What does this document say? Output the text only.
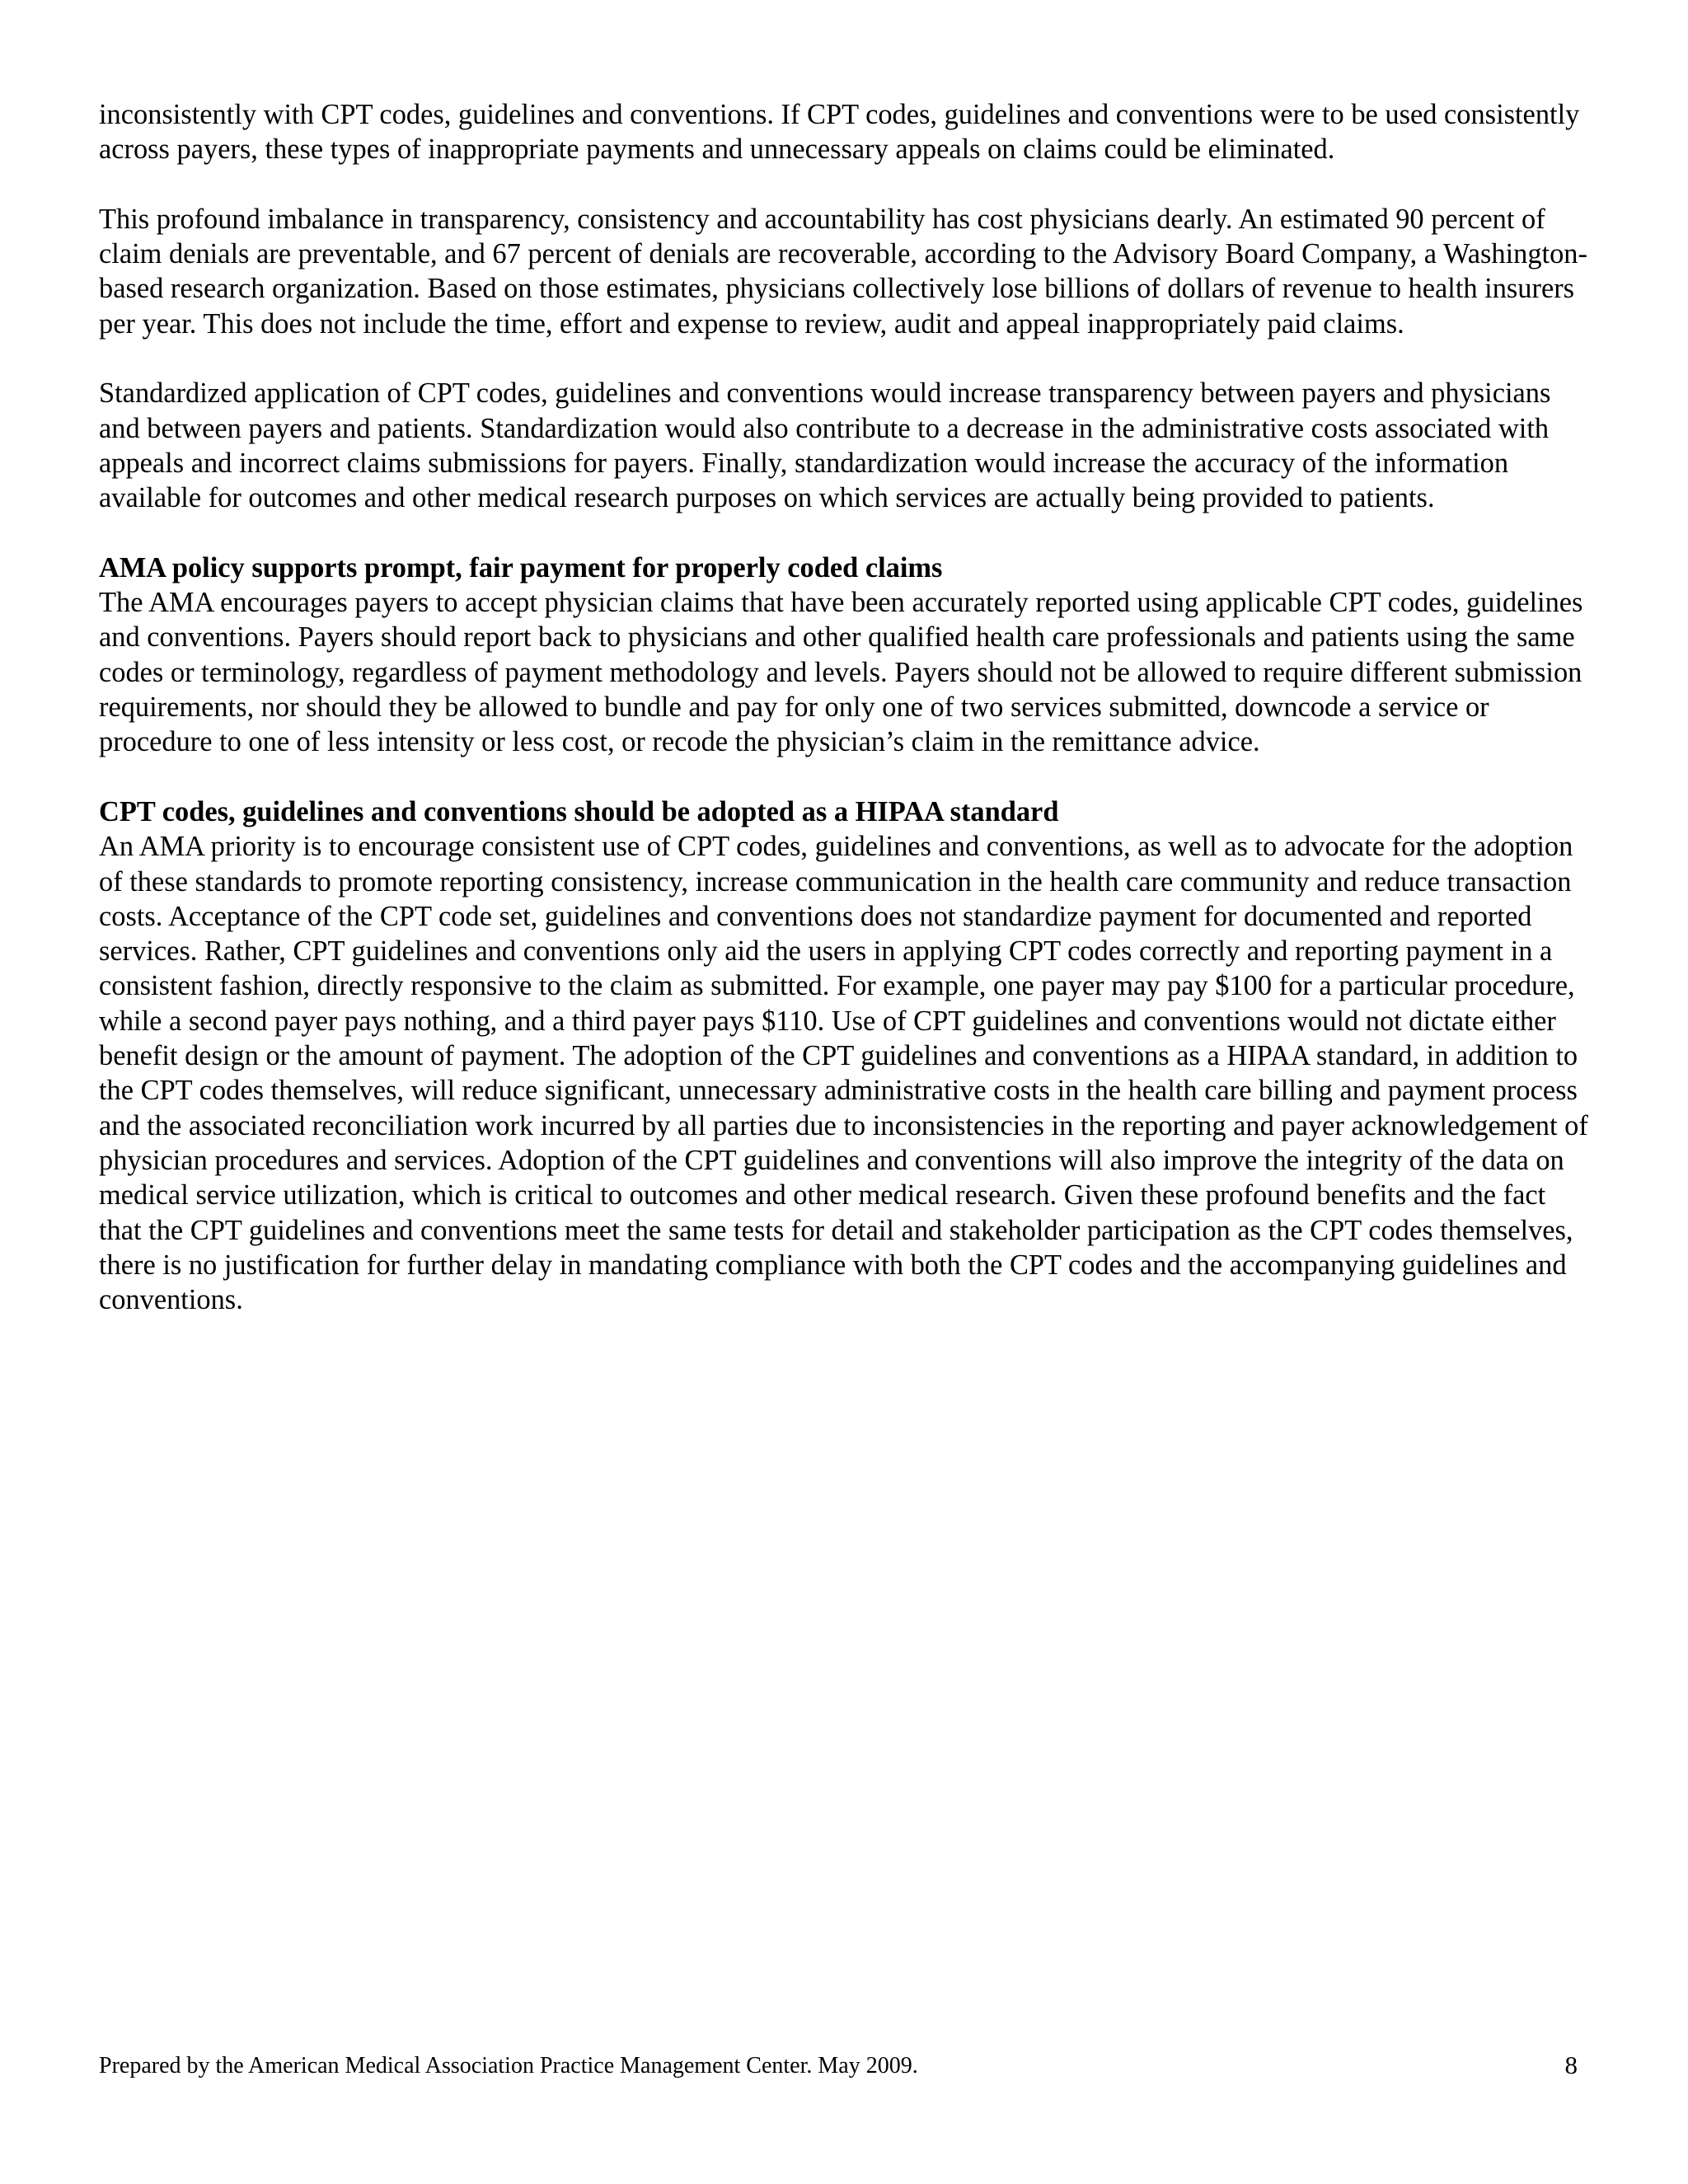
inconsistently with CPT codes, guidelines and conventions. If CPT codes, guidelines and conventions were to be used consistently across payers, these types of inappropriate payments and unnecessary appeals on claims could be eliminated.

This profound imbalance in transparency, consistency and accountability has cost physicians dearly. An estimated 90 percent of claim denials are preventable, and 67 percent of denials are recoverable, according to the Advisory Board Company, a Washington-based research organization. Based on those estimates, physicians collectively lose billions of dollars of revenue to health insurers per year. This does not include the time, effort and expense to review, audit and appeal inappropriately paid claims.

Standardized application of CPT codes, guidelines and conventions would increase transparency between payers and physicians and between payers and patients. Standardization would also contribute to a decrease in the administrative costs associated with appeals and incorrect claims submissions for payers. Finally, standardization would increase the accuracy of the information available for outcomes and other medical research purposes on which services are actually being provided to patients.

AMA policy supports prompt, fair payment for properly coded claims

The AMA encourages payers to accept physician claims that have been accurately reported using applicable CPT codes, guidelines and conventions. Payers should report back to physicians and other qualified health care professionals and patients using the same codes or terminology, regardless of payment methodology and levels. Payers should not be allowed to require different submission requirements, nor should they be allowed to bundle and pay for only one of two services submitted, downcode a service or procedure to one of less intensity or less cost, or recode the physician’s claim in the remittance advice.

CPT codes, guidelines and conventions should be adopted as a HIPAA standard

An AMA priority is to encourage consistent use of CPT codes, guidelines and conventions, as well as to advocate for the adoption of these standards to promote reporting consistency, increase communication in the health care community and reduce transaction costs. Acceptance of the CPT code set, guidelines and conventions does not standardize payment for documented and reported services. Rather, CPT guidelines and conventions only aid the users in applying CPT codes correctly and reporting payment in a consistent fashion, directly responsive to the claim as submitted. For example, one payer may pay $100 for a particular procedure, while a second payer pays nothing, and a third payer pays $110. Use of CPT guidelines and conventions would not dictate either benefit design or the amount of payment. The adoption of the CPT guidelines and conventions as a HIPAA standard, in addition to the CPT codes themselves, will reduce significant, unnecessary administrative costs in the health care billing and payment process and the associated reconciliation work incurred by all parties due to inconsistencies in the reporting and payer acknowledgement of physician procedures and services. Adoption of the CPT guidelines and conventions will also improve the integrity of the data on medical service utilization, which is critical to outcomes and other medical research. Given these profound benefits and the fact that the CPT guidelines and conventions meet the same tests for detail and stakeholder participation as the CPT codes themselves, there is no justification for further delay in mandating compliance with both the CPT codes and the accompanying guidelines and conventions.

Prepared by the American Medical Association Practice Management Center. May 2009.	8
